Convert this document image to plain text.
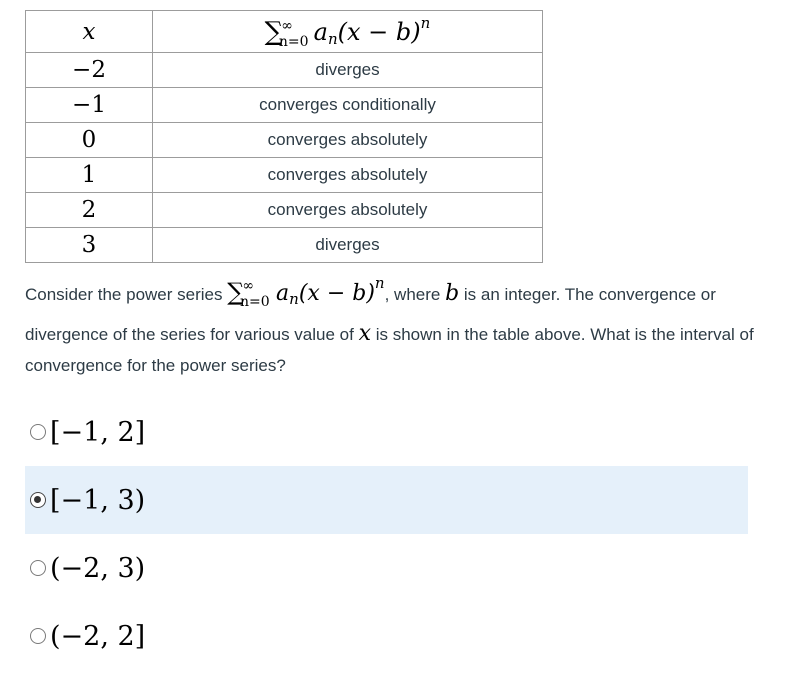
x	∑∞n=0 an(x − b)n
−2	diverges
−1	converges conditionally
0	converges absolutely
1	converges absolutely
2	converges absolutely
3	diverges
Consider the power series $\sum^\infty_{n=0}$ $a_n(x - b)^n$, where b is an integer. The convergence or divergence of the series for various value of x is shown in the table above. What is the interval of convergence for the power series?
[−1, 2]
[−1, 3)
(−2, 3)
(−2, 2]
